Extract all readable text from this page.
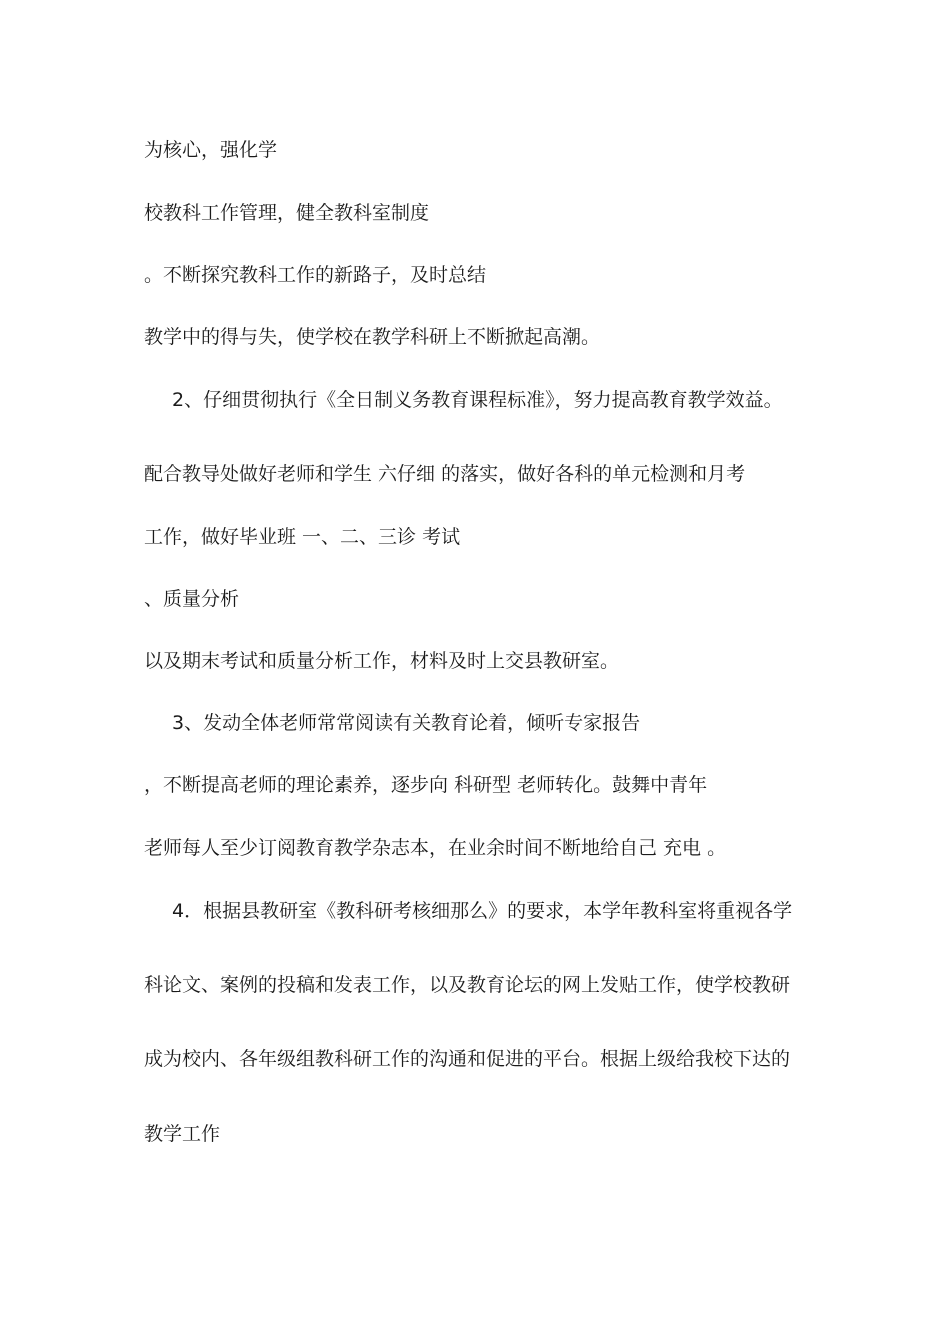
为核心，强化学
校教科工作管理，健全教科室制度
。不断探究教科工作的新路子，及时总结
教学中的得与失，使学校在教学科研上不断掀起高潮。
2、仔细贯彻执行《全日制义务教育课程标准》，努力提高教育教学效益。
配合教导处做好老师和学生 六仔细 的落实，做好各科的单元检测和月考
工作，做好毕业班 一、二、三诊 考试
、质量分析
以及期末考试和质量分析工作，材料及时上交县教研室。
3、发动全体老师常常阅读有关教育论着，倾听专家报告
，不断提高老师的理论素养，逐步向 科研型 老师转化。鼓舞中青年
老师每人至少订阅教育教学杂志本，在业余时间不断地给自己 充电 。
4．根据县教研室《教科研考核细那么》的要求，本学年教科室将重视各学
科论文、案例的投稿和发表工作，以及教育论坛的网上发贴工作，使学校教研
成为校内、各年级组教科研工作的沟通和促进的平台。根据上级给我校下达的
教学工作
